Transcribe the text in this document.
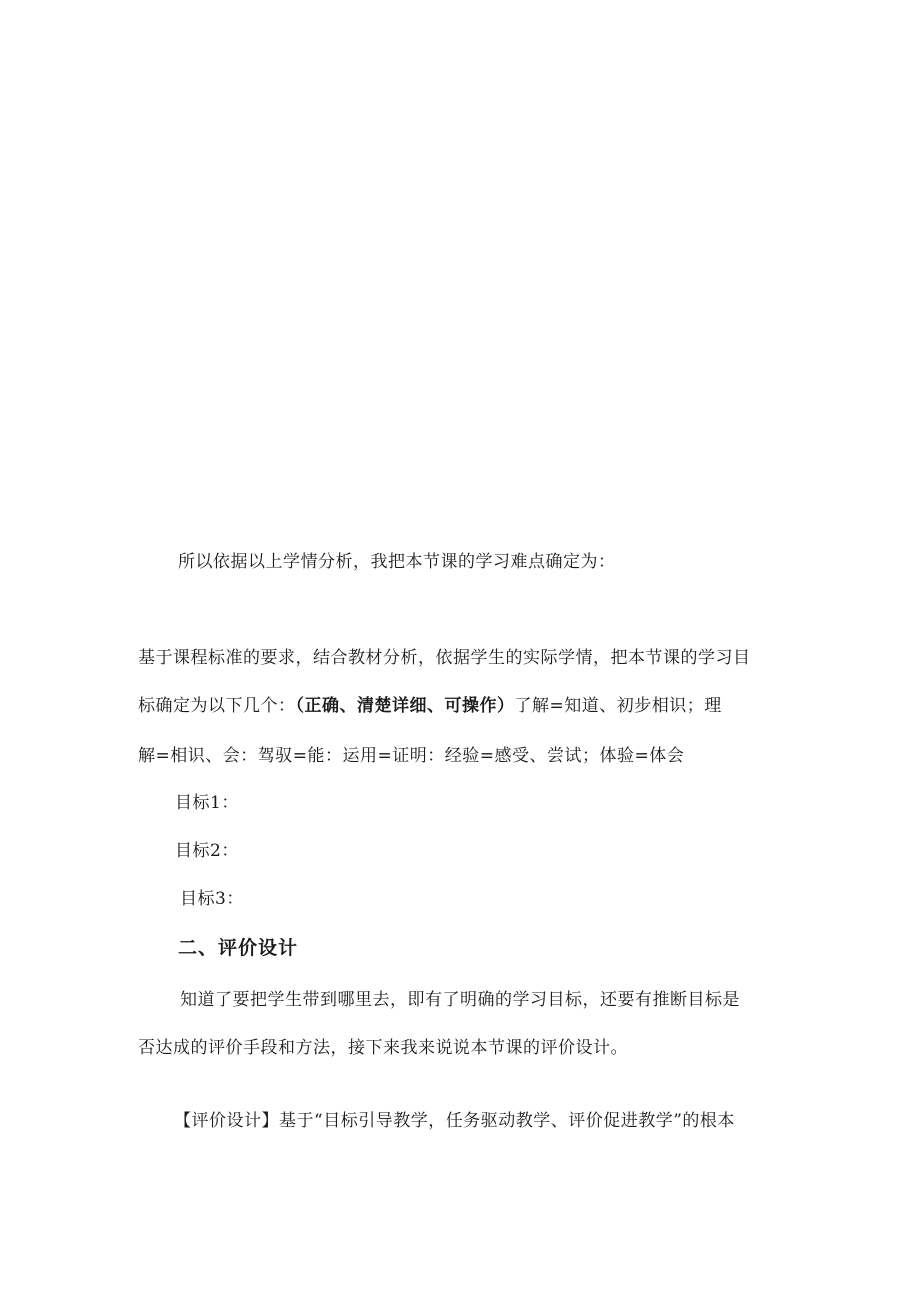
所以依据以上学情分析，我把本节课的学习难点确定为：
基于课程标准的要求，结合教材分析，依据学生的实际学情，把本节课的学习目
标确定为以下几个：（正确、清楚详细、可操作）了解=知道、初步相识；理
解=相识、会：驾驭=能：运用=证明：经验=感受、尝试；体验=体会
目标1：
目标2：
目标3：
二、评价设计
知道了要把学生带到哪里去，即有了明确的学习目标，还要有推断目标是
否达成的评价手段和方法，接下来我来说说本节课的评价设计。
【评价设计】基于“目标引导教学，任务驱动教学、评价促进教学”的根本
